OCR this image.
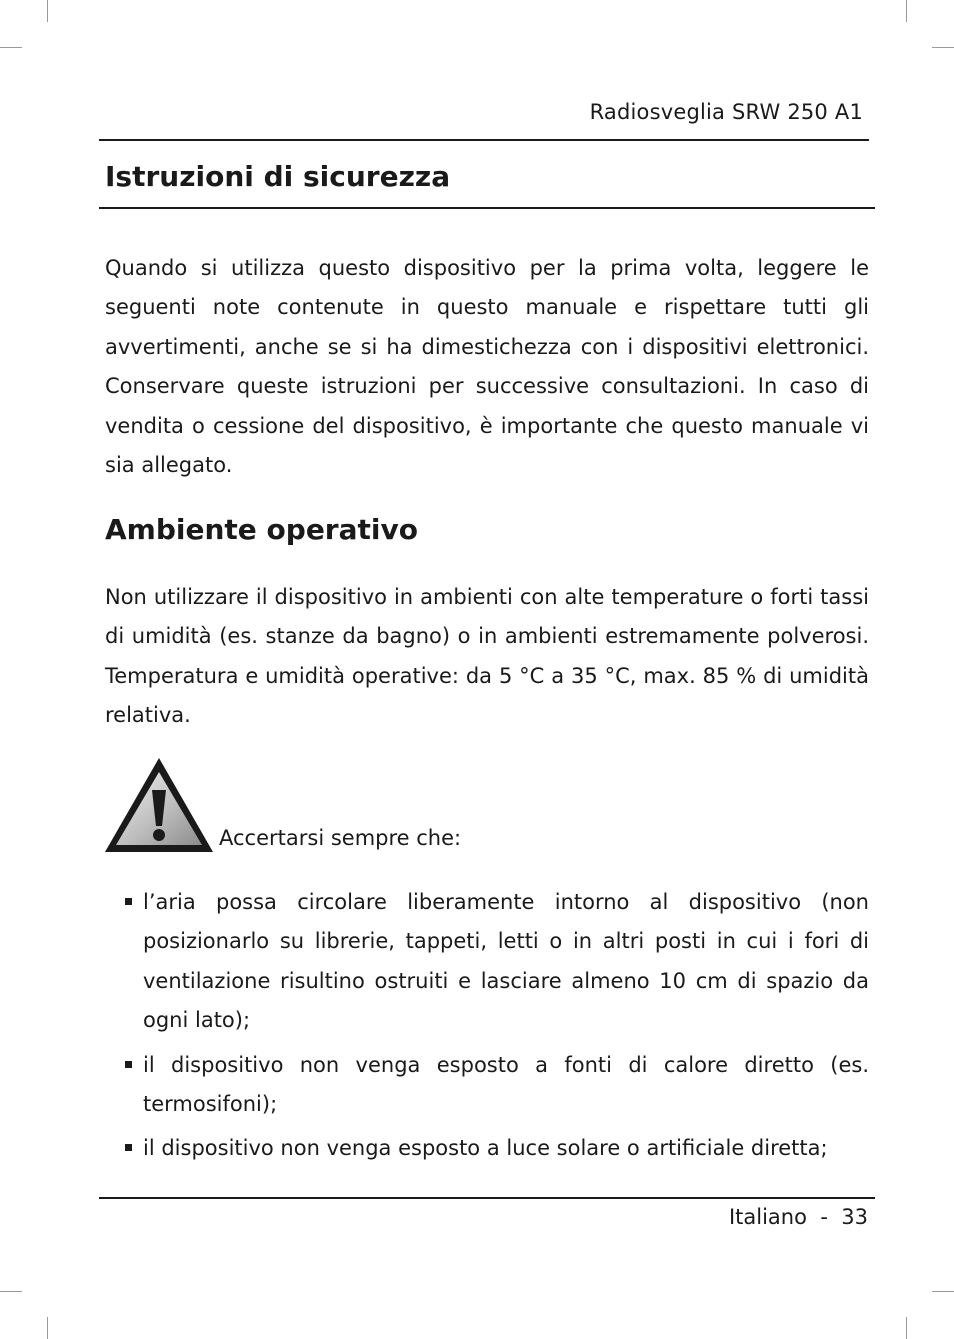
Radiosveglia SRW 250 A1
Istruzioni di sicurezza

Quando si utilizza questo dispositivo per la prima volta, leggere le seguenti note contenute in questo manuale e rispettare tutti gli avvertimenti, anche se si ha dimestichezza con i dispositivi elettronici. Conservare queste istruzioni per successive consultazioni. In caso di vendita o cessione del dispositivo, è importante che questo manuale vi sia allegato.

Ambiente operativo

Non utilizzare il dispositivo in ambienti con alte temperature o forti tassi di umidità (es. stanze da bagno) o in ambienti estremamente polverosi. Temperatura e umidità operative: da 5 °C a 35 °C, max. 85 % di umidità relativa.

Accertarsi sempre che:
l’aria possa circolare liberamente intorno al dispositivo (non posizionarlo su librerie, tappeti, letti o in altri posti in cui i fori di ventilazione risultino ostruiti e lasciare almeno 10 cm di spazio da ogni lato);
il dispositivo non venga esposto a fonti di calore diretto (es. termosifoni);
il dispositivo non venga esposto a luce solare o artificiale diretta;
Italiano - 33
